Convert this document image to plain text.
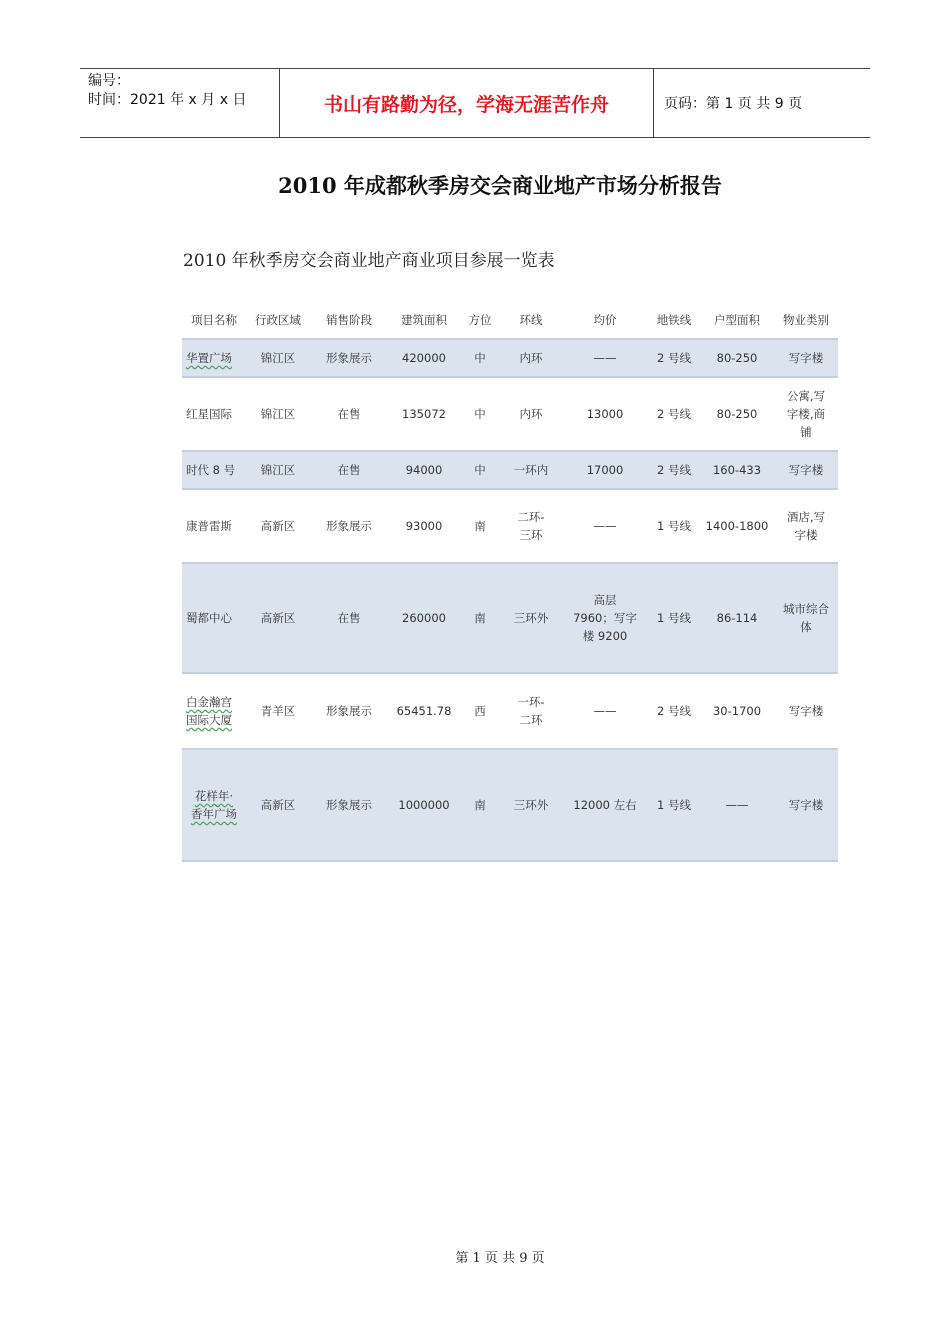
编号：
时间：2021 年 x 月 x 日	书山有路勤为径，学海无涯苦作舟	页码：第 1 页 共 9 页
2010 年成都秋季房交会商业地产市场分析报告
2010 年秋季房交会商业地产商业项目参展一览表
项目名称	行政区域	销售阶段	建筑面积	方位	环线	均价	地铁线	户型面积	物业类别
华置广场	锦江区	形象展示	420000	中	内环	——	2 号线	80-250	写字楼
红星国际	锦江区	在售	135072	中	内环	13000	2 号线	80-250	公寓,写字楼,商铺
时代 8 号	锦江区	在售	94000	中	一环内	17000	2 号线	160-433	写字楼
康普雷斯	高新区	形象展示	93000	南	二环-三环	——	1 号线	1400-1800	酒店,写字楼
蜀都中心	高新区	在售	260000	南	三环外	高层 7960；写字楼 9200	1 号线	86-114	城市综合体
白金瀚宫国际大厦	青羊区	形象展示	65451.78	西	一环-二环	——	2 号线	30-1700	写字楼
花样年·香年广场	高新区	形象展示	1000000	南	三环外	12000 左右	1 号线	——	写字楼
第 1 页 共 9 页
